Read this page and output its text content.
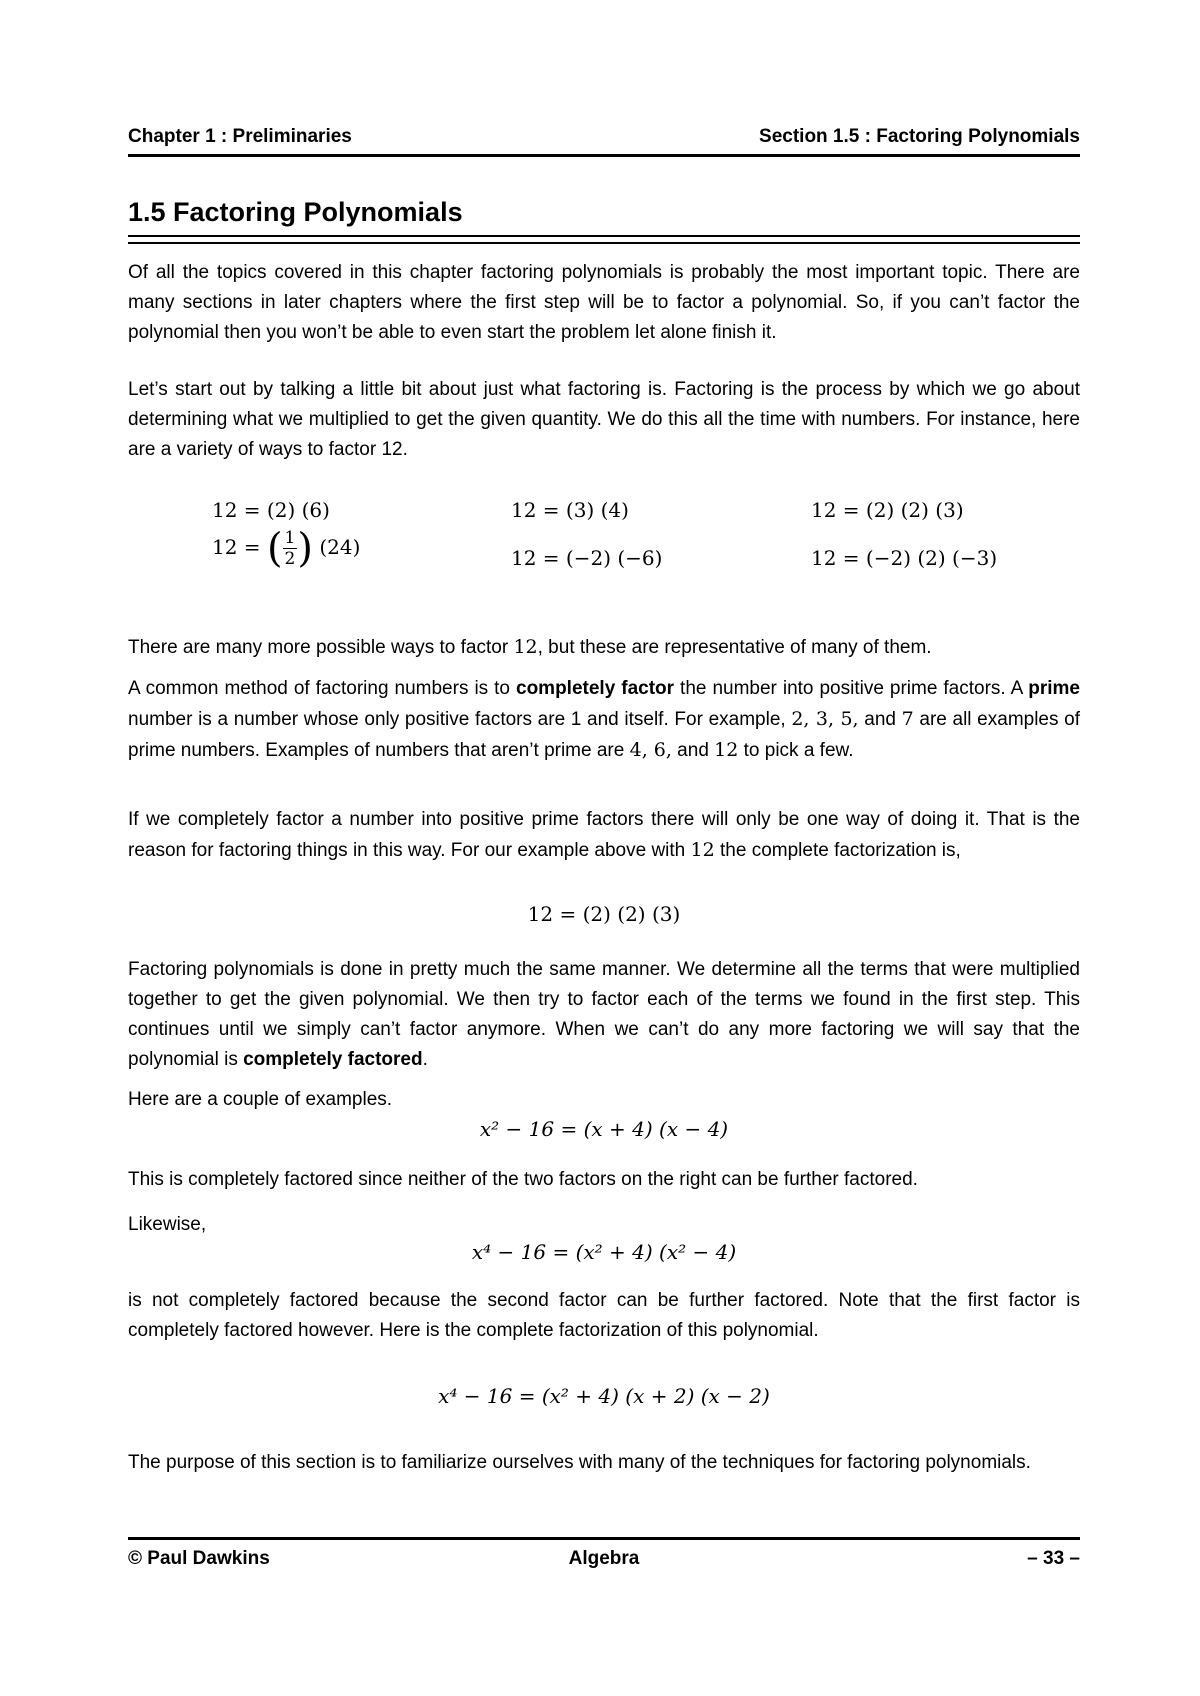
Chapter 1 : Preliminaries	Section 1.5 : Factoring Polynomials
1.5 Factoring Polynomials

Of all the topics covered in this chapter factoring polynomials is probably the most important topic. There are many sections in later chapters where the first step will be to factor a polynomial. So, if you can’t factor the polynomial then you won’t be able to even start the problem let alone finish it.

Let’s start out by talking a little bit about just what factoring is. Factoring is the process by which we go about determining what we multiplied to get the given quantity. We do this all the time with numbers. For instance, here are a variety of ways to factor 12.

12 = (2) (6)	12 = (3) (4)	12 = (2) (2) (3)
12 = ( $\frac{1}{2}$ ) (24)	12 = (−2) (−6)	12 = (−2) (2) (−3)

There are many more possible ways to factor 12, but these are representative of many of them.

A common method of factoring numbers is to completely factor the number into positive prime factors. A prime number is a number whose only positive factors are 1 and itself. For example, 2, 3, 5, and 7 are all examples of prime numbers. Examples of numbers that aren’t prime are 4, 6, and 12 to pick a few.

If we completely factor a number into positive prime factors there will only be one way of doing it. That is the reason for factoring things in this way. For our example above with 12 the complete factorization is,

12 = (2) (2) (3)

Factoring polynomials is done in pretty much the same manner. We determine all the terms that were multiplied together to get the given polynomial. We then try to factor each of the terms we found in the first step. This continues until we simply can’t factor anymore. When we can’t do any more factoring we will say that the polynomial is completely factored.

Here are a couple of examples.

x² − 16 = (x + 4) (x − 4)

This is completely factored since neither of the two factors on the right can be further factored.

Likewise,

x⁴ − 16 = (x² + 4) (x² − 4)

is not completely factored because the second factor can be further factored. Note that the first factor is completely factored however. Here is the complete factorization of this polynomial.

x⁴ − 16 = (x² + 4) (x + 2) (x − 2)

The purpose of this section is to familiarize ourselves with many of the techniques for factoring polynomials.

© Paul Dawkins	Algebra	– 33 –
